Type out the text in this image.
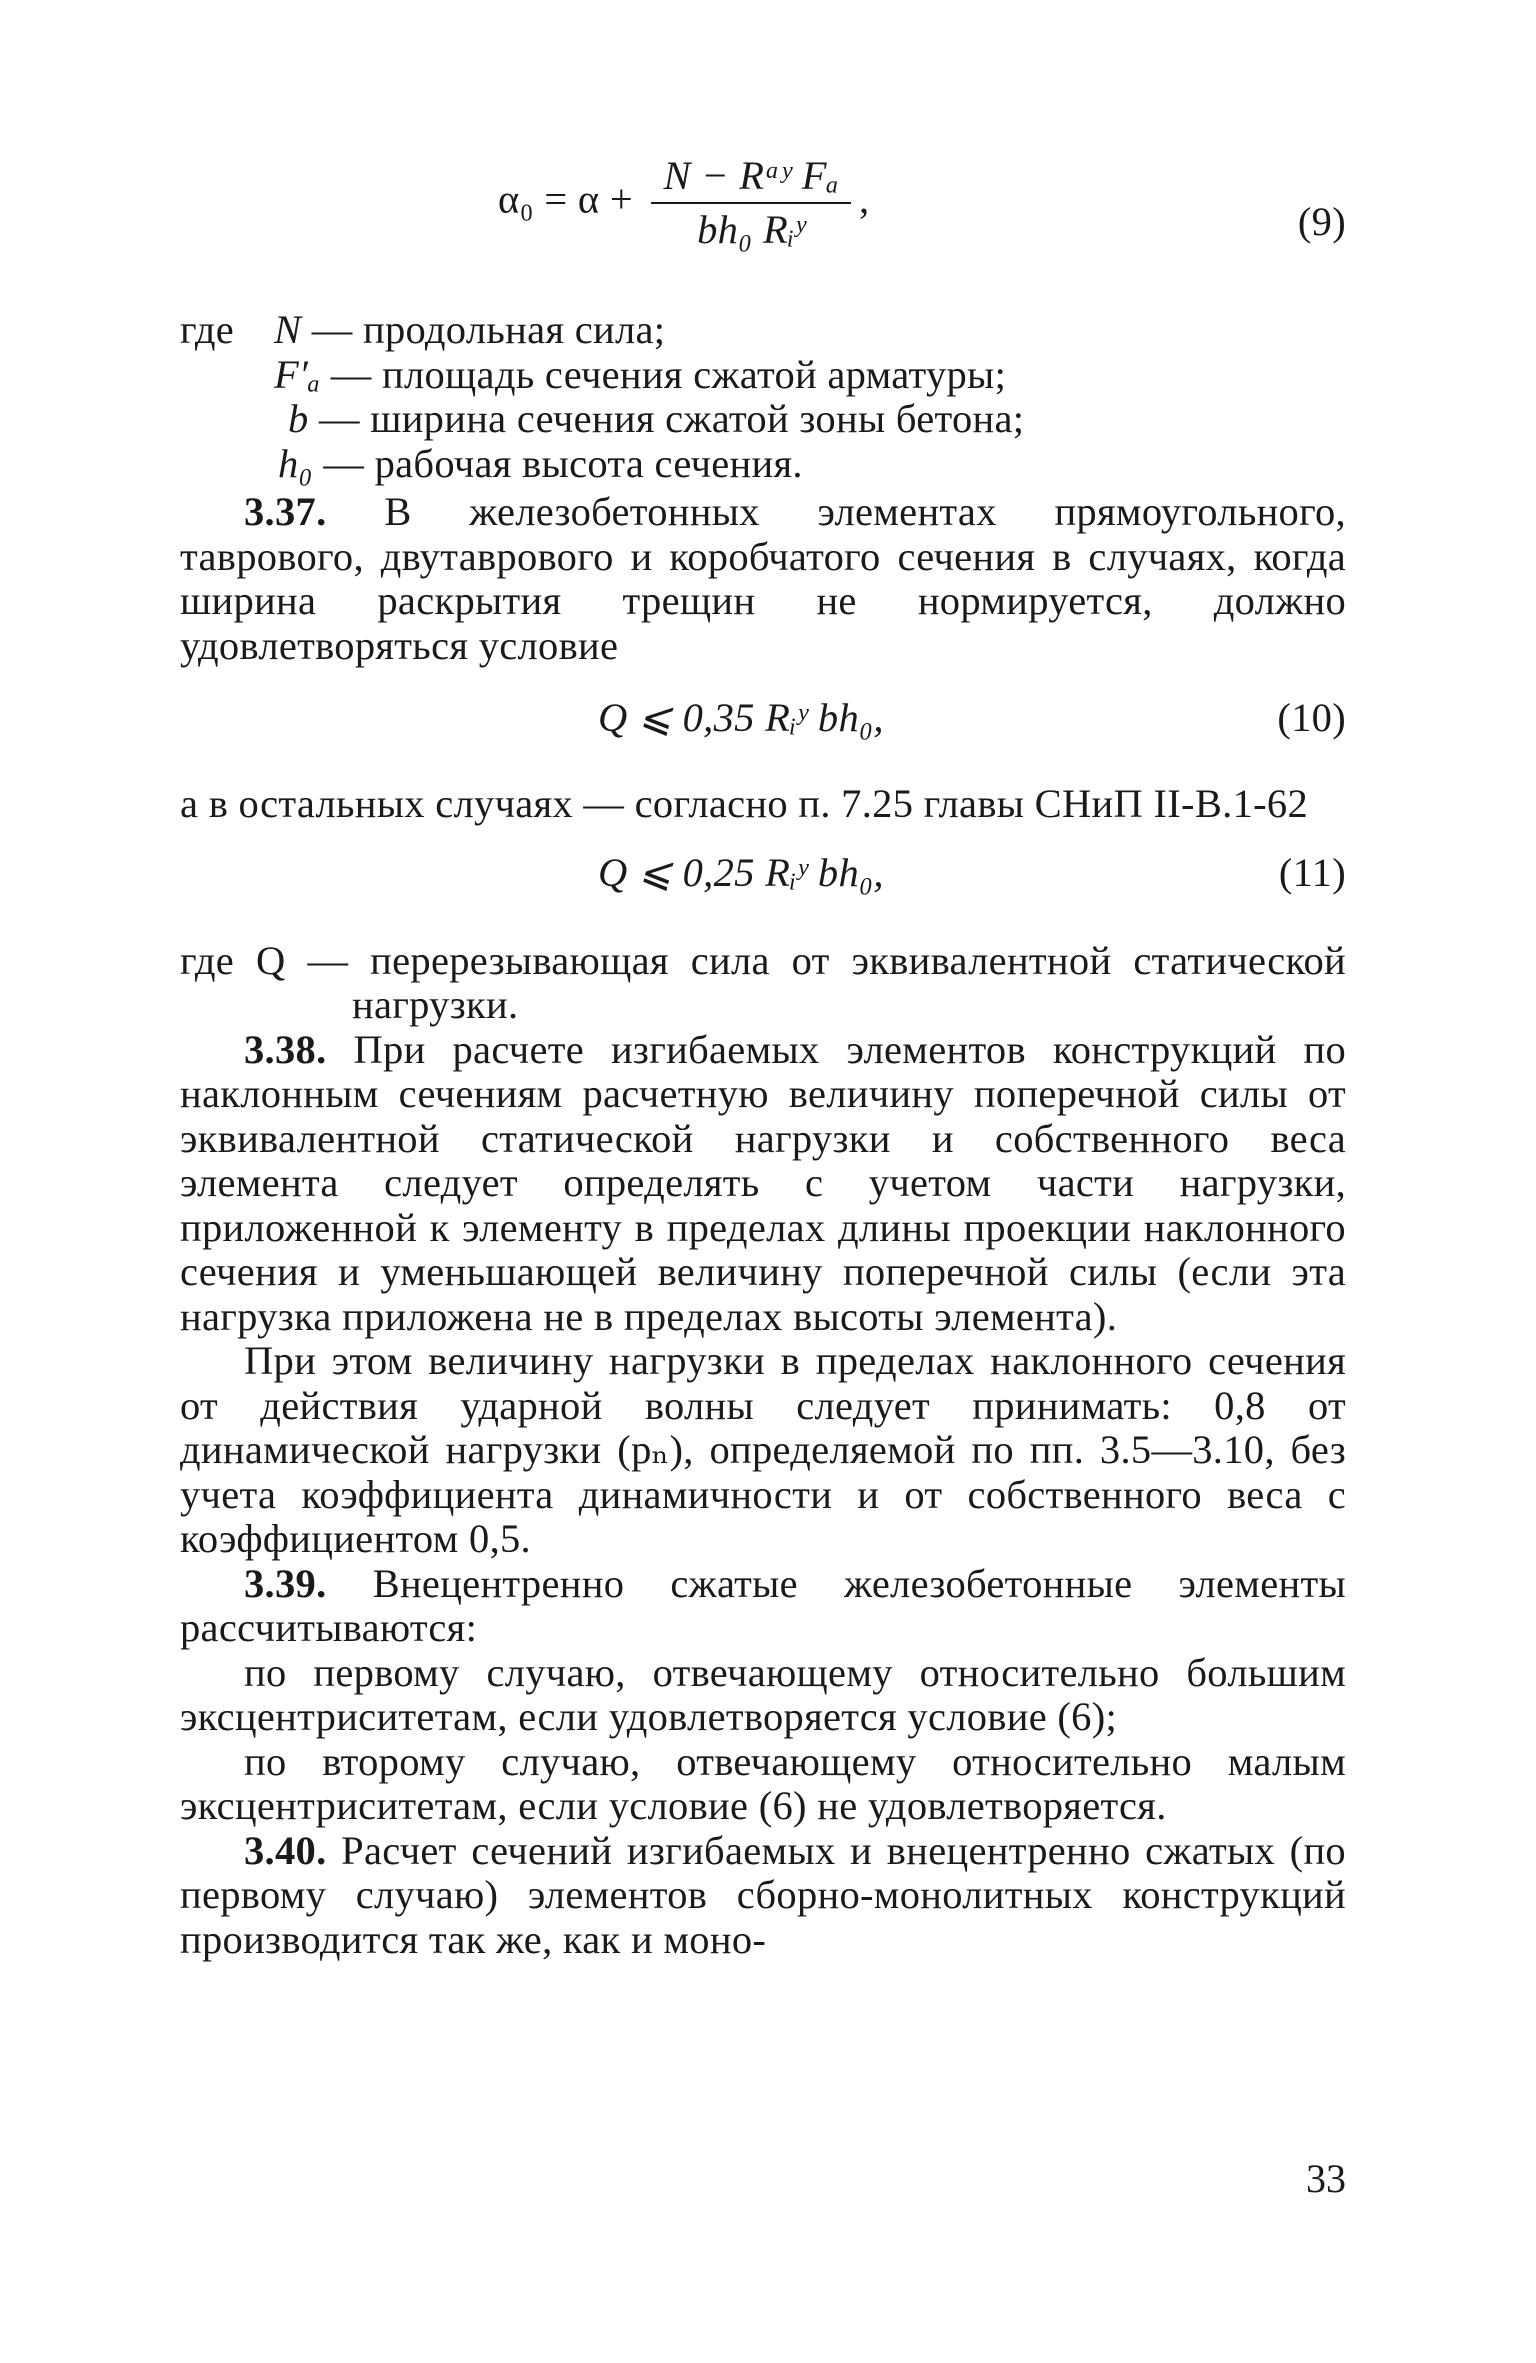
$\alpha_0 = \alpha + \frac{\text{N − Rᵃʸ Fₐ}}{\text{bh₀ Rᵢʸ}}$ ,
(9)
где N — продольная сила;
F′ₐ — площадь сечения сжатой арматуры;
b — ширина сечения сжатой зоны бетона;
h₀ — рабочая высота сечения.

3.37. В железобетонных элементах прямоугольного, таврового, двутаврового и коробчатого сечения в случаях, когда ширина раскрытия трещин не нормируется, должно удовлетворяться условие

Q ⩽ 0,35 Rᵢʸ bh₀,	(10)

а в остальных случаях — согласно п. 7.25 главы СНиП II-В.1-62

Q ⩽ 0,25 Rᵢʸ bh₀,	(11)

где Q — перерезывающая сила от эквивалентной статической нагрузки.

3.38. При расчете изгибаемых элементов конструкций по наклонным сечениям расчетную величину поперечной силы от эквивалентной статической нагрузки и собственного веса элемента следует определять с учетом части нагрузки, приложенной к элементу в пределах длины проекции наклонного сечения и уменьшающей величину поперечной силы (если эта нагрузка приложена не в пределах высоты элемента).

При этом величину нагрузки в пределах наклонного сечения от действия ударной волны следует принимать: 0,8 от динамической нагрузки (pₙ), определяемой по пп. 3.5—3.10, без учета коэффициента динамичности и от собственного веса с коэффициентом 0,5.

3.39. Внецентренно сжатые железобетонные элементы рассчитываются:

по первому случаю, отвечающему относительно большим эксцентриситетам, если удовлетворяется условие (6);

по второму случаю, отвечающему относительно малым эксцентриситетам, если условие (6) не удовлетворяется.

3.40. Расчет сечений изгибаемых и внецентренно сжатых (по первому случаю) элементов сборно-монолитных конструкций производится так же, как и моно-

33
